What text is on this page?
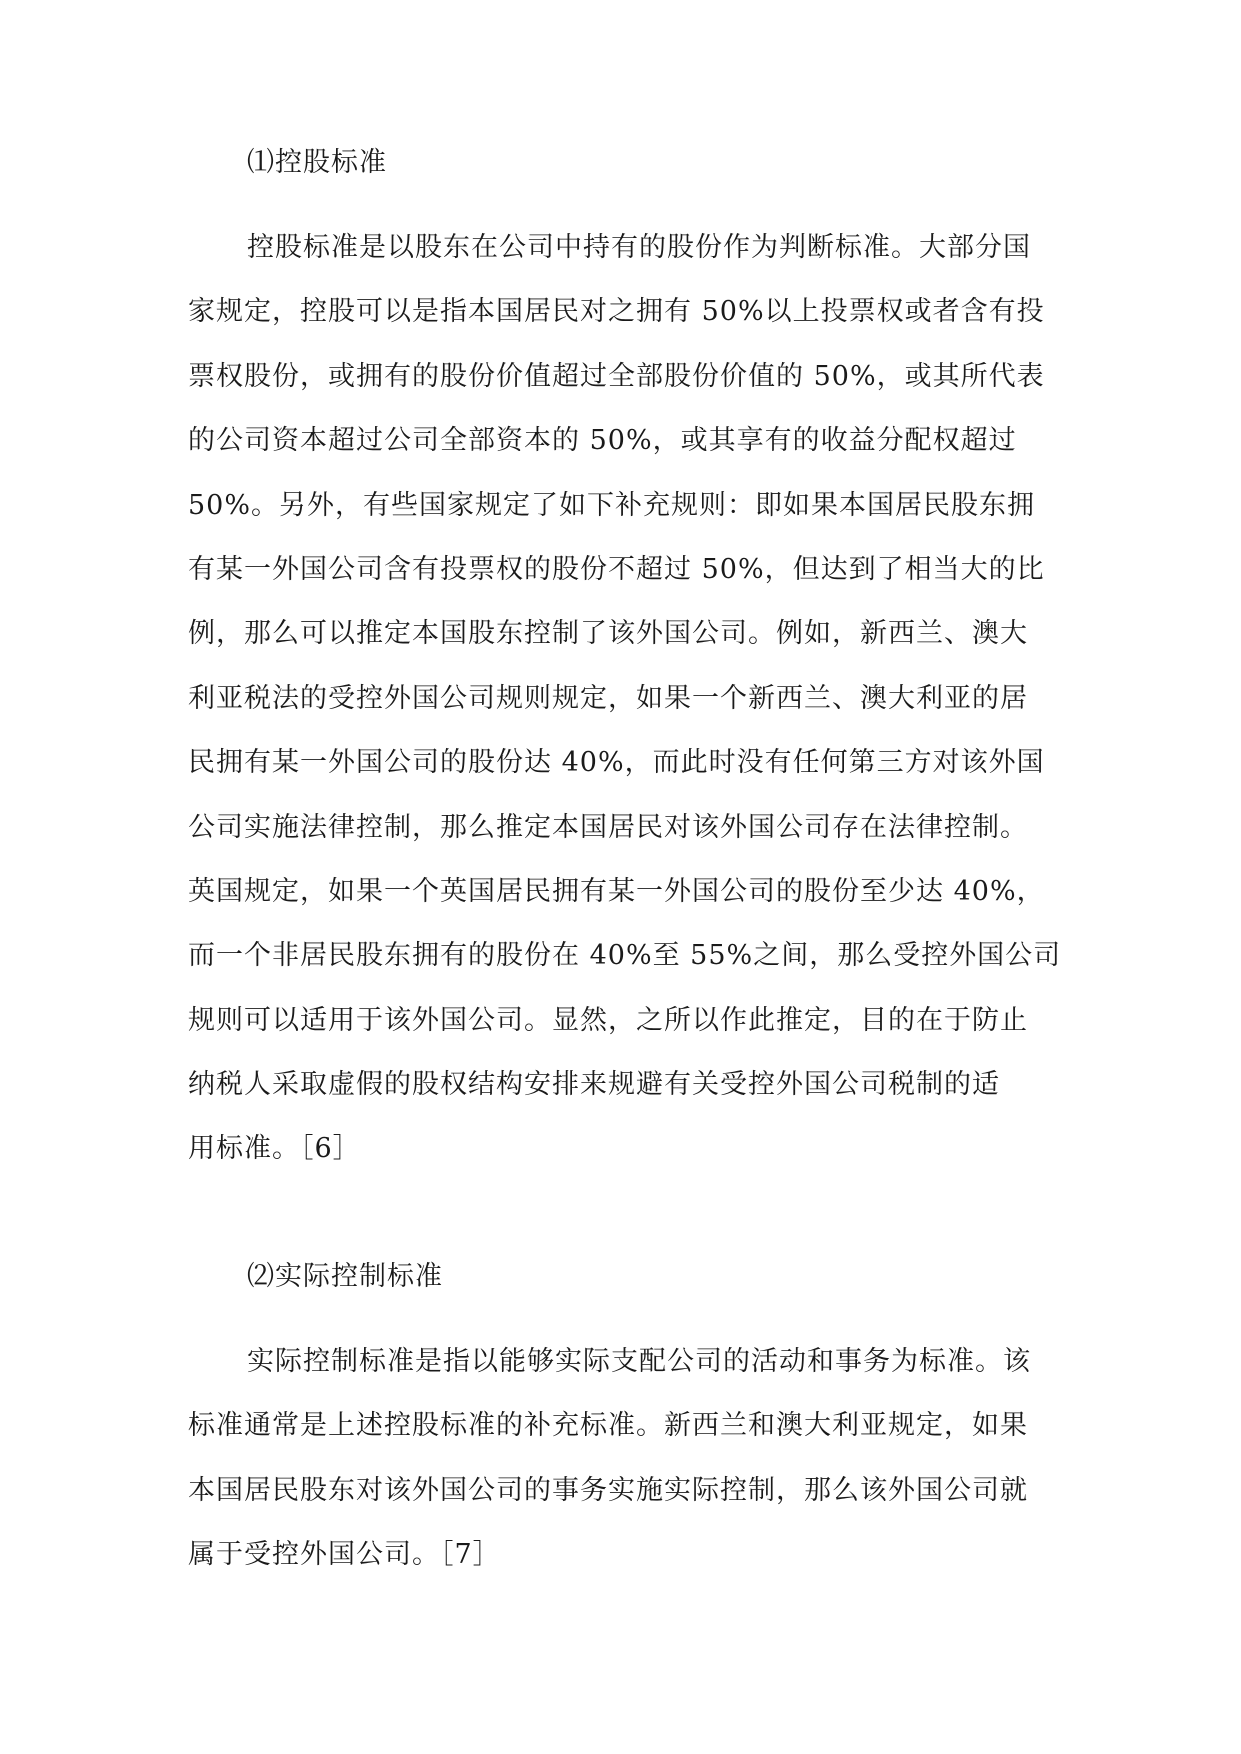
⑴控股标准
控股标准是以股东在公司中持有的股份作为判断标准。大部分国
家规定，控股可以是指本国居民对之拥有 50%以上投票权或者含有投
票权股份，或拥有的股份价值超过全部股份价值的 50%，或其所代表
的公司资本超过公司全部资本的 50%，或其享有的收益分配权超过
50%。另外，有些国家规定了如下补充规则：即如果本国居民股东拥
有某一外国公司含有投票权的股份不超过 50%，但达到了相当大的比
例，那么可以推定本国股东控制了该外国公司。例如，新西兰、澳大
利亚税法的受控外国公司规则规定，如果一个新西兰、澳大利亚的居
民拥有某一外国公司的股份达 40%，而此时没有任何第三方对该外国
公司实施法律控制，那么推定本国居民对该外国公司存在法律控制。
英国规定，如果一个英国居民拥有某一外国公司的股份至少达 40%，
而一个非居民股东拥有的股份在 40%至 55%之间，那么受控外国公司
规则可以适用于该外国公司。显然，之所以作此推定，目的在于防止
纳税人采取虚假的股权结构安排来规避有关受控外国公司税制的适
用标准。［6］
⑵实际控制标准
实际控制标准是指以能够实际支配公司的活动和事务为标准。该
标准通常是上述控股标准的补充标准。新西兰和澳大利亚规定，如果
本国居民股东对该外国公司的事务实施实际控制，那么该外国公司就
属于受控外国公司。［7］
